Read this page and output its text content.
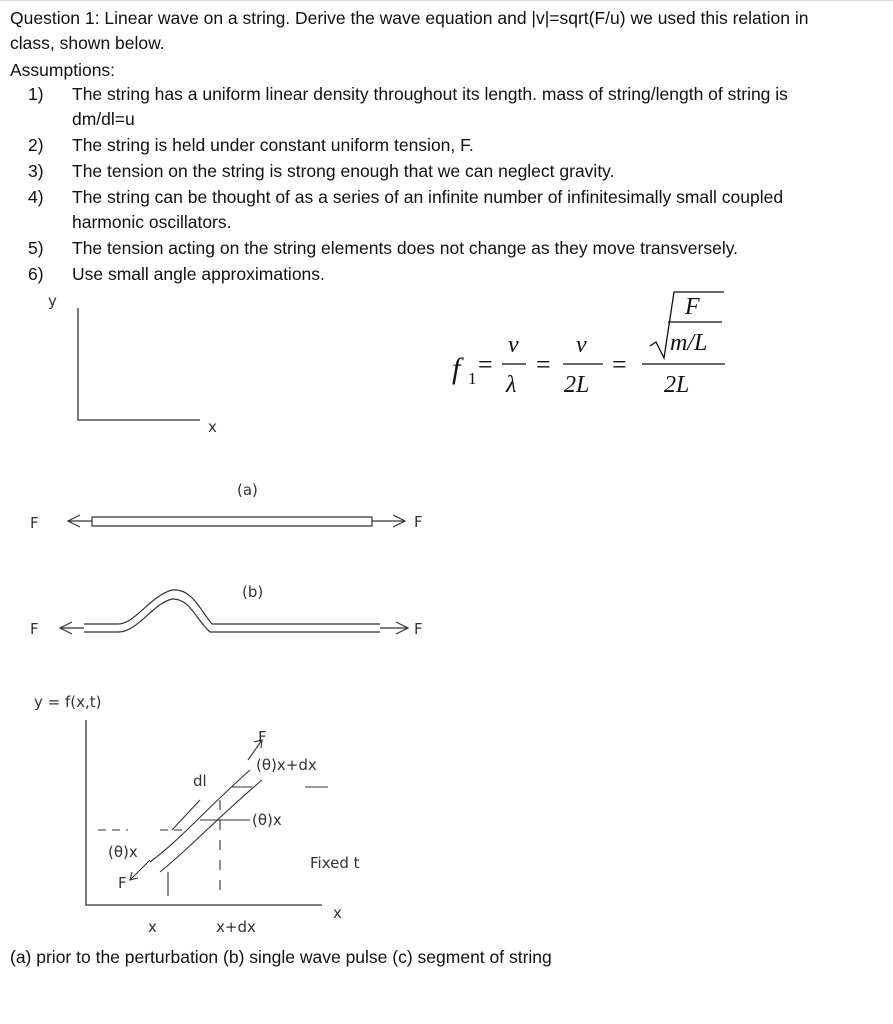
Question 1: Linear wave on a string. Derive the wave equation and |v|=sqrt(F/u) we used this relation in class, shown below.
Assumptions:
1) The string has a uniform linear density throughout its length. mass of string/length of string is dm/dl=u
2) The string is held under constant uniform tension, F.
3) The tension on the string is strong enough that we can neglect gravity.
4) The string can be thought of as a series of an infinite number of infinitesimally small coupled harmonic oscillators.
5) The tension acting on the string elements does not change as they move transversely.
6) Use small angle approximations.
y
x
f 1 =
v
λ
=
v
2L
=
F
m/L
2L
(a)
F	F
(b)
F	F
y = f(x,t)
F
(θ)x+dx
dl
(θ)x
(θ)x
F
Fixed t
x	x+dx
x
(a) prior to the perturbation (b) single wave pulse (c) segment of string
